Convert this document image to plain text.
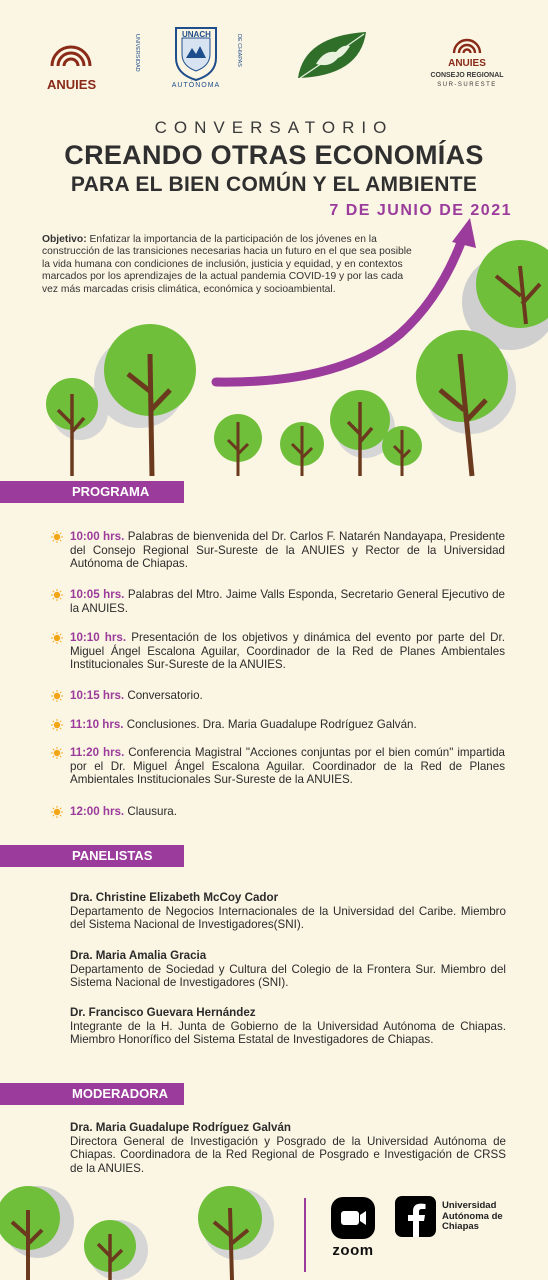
ANUIES
UNACH
UNIVERSIDAD	DE CHIAPAS
AUTÓNOMA
ANUIES
CONSEJO REGIONAL
SUR-SURESTE
CONVERSATORIO
CREANDO OTRAS ECONOMÍAS
PARA EL BIEN COMÚN Y EL AMBIENTE
7 DE JUNIO DE 2021
Objetivo: Enfatizar la importancia de la participación de los jóvenes en la construcción de las transiciones necesarias hacia un futuro en el que sea posible la vida humana con condiciones de inclusión, justicia y equidad, y en contextos marcados por los aprendizajes de la actual pandemia COVID-19 y por las cada vez más marcadas crisis climática, económica y socioambiental.
PROGRAMA
10:00 hrs. Palabras de bienvenida del Dr. Carlos F. Natarén Nandayapa, Presidente del Consejo Regional Sur-Sureste de la ANUIES y Rector de la Universidad Autónoma de Chiapas.
10:05 hrs. Palabras del Mtro. Jaime Valls Esponda, Secretario General Ejecutivo de la ANUIES.
10:10 hrs. Presentación de los objetivos y dinámica del evento por parte del Dr. Miguel Ángel Escalona Aguilar, Coordinador de la Red de Planes Ambientales Institucionales Sur-Sureste de la ANUIES.
10:15 hrs. Conversatorio.
11:10 hrs. Conclusiones. Dra. Maria Guadalupe Rodríguez Galván.
11:20 hrs. Conferencia Magistral "Acciones conjuntas por el bien común" impartida por el Dr. Miguel Ángel Escalona Aguilar. Coordinador de la Red de Planes Ambientales Institucionales Sur-Sureste de la ANUIES.
12:00 hrs. Clausura.
PANELISTAS
Dra. Christine Elizabeth McCoy Cador
Departamento de Negocios Internacionales de la Universidad del Caribe. Miembro del Sistema Nacional de Investigadores(SNI).
Dra. Maria Amalia Gracia
Departamento de Sociedad y Cultura del Colegio de la Frontera Sur. Miembro del Sistema Nacional de Investigadores (SNI).
Dr. Francisco Guevara Hernández
Integrante de la H. Junta de Gobierno de la Universidad Autónoma de Chiapas. Miembro Honorífico del Sistema Estatal de Investigadores de Chiapas.
MODERADORA
Dra. Maria Guadalupe Rodríguez Galván
Directora General de Investigación y Posgrado de la Universidad Autónoma de Chiapas. Coordinadora de la Red Regional de Posgrado e Investigación de CRSS de la ANUIES.
zoom
Universidad
Autónoma de
Chiapas
